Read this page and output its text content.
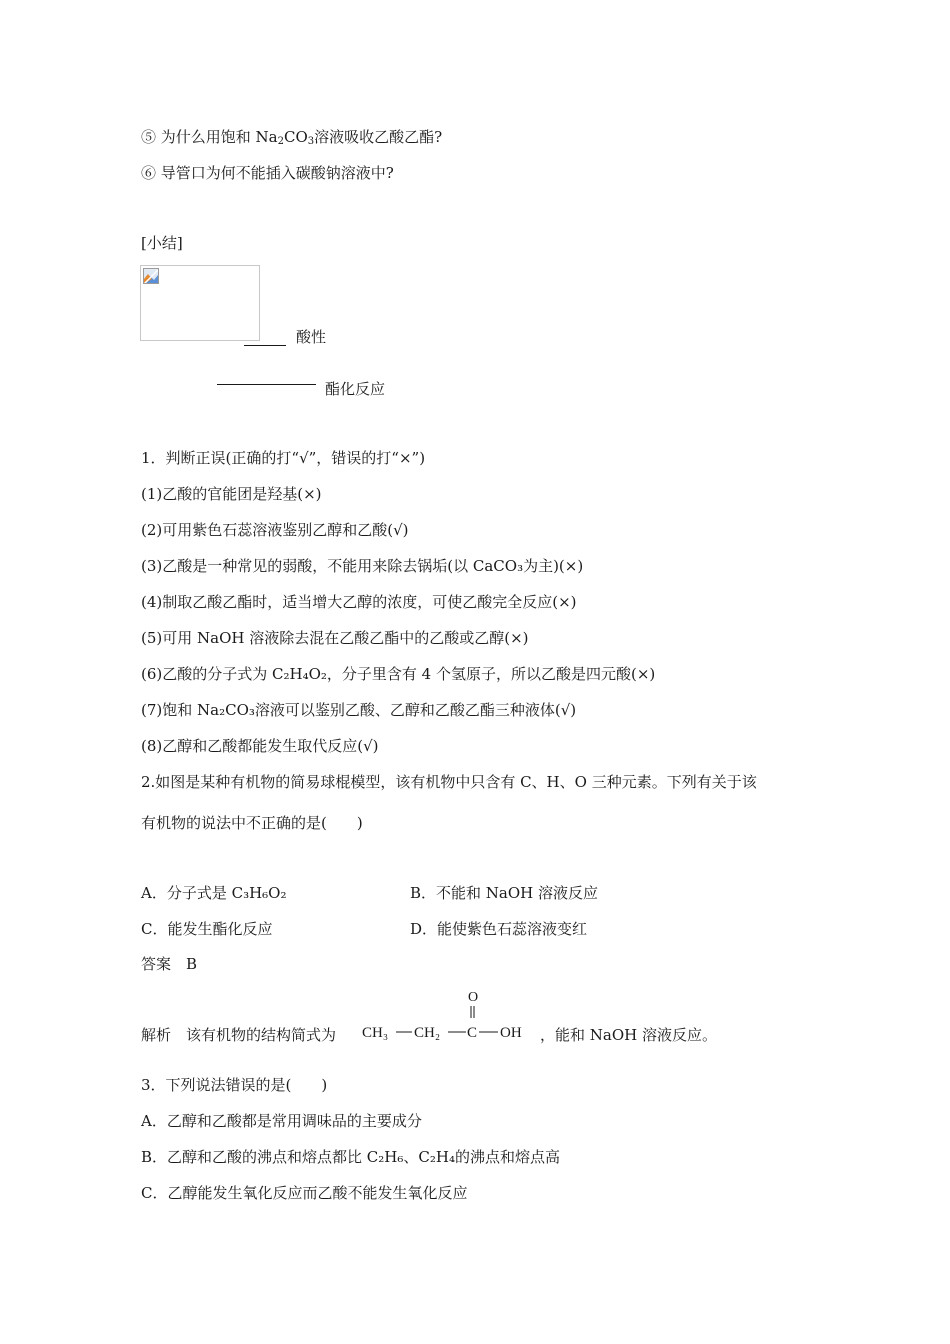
⑤ 为什么用饱和 $Na_2CO_3$溶液吸收乙酸乙酯?
⑥ 导管口为何不能插入碳酸钠溶液中?
[小结]
酸性
酯化反应
1．判断正误(正确的打“√”，错误的打“×”)
(1)乙酸的官能团是羟基(×)
(2)可用紫色石蕊溶液鉴别乙醇和乙酸(√)
(3)乙酸是一种常见的弱酸，不能用来除去锅垢(以 CaCO₃为主)(×)
(4)制取乙酸乙酯时，适当增大乙醇的浓度，可使乙酸完全反应(×)
(5)可用 NaOH 溶液除去混在乙酸乙酯中的乙酸或乙醇(×)
(6)乙酸的分子式为 C₂H₄O₂，分子里含有 4 个氢原子，所以乙酸是四元酸(×)
(7)饱和 Na₂CO₃溶液可以鉴别乙酸、乙醇和乙酸乙酯三种液体(√)
(8)乙醇和乙酸都能发生取代反应(√)
2.如图是某种有机物的简易球棍模型，该有机物中只含有 C、H、O 三种元素。下列有关于该
有机物的说法中不正确的是(　　)
A．分子式是 C₃H₆O₂	B．不能和 NaOH 溶液反应
C．能发生酯化反应	D．能使紫色石蕊溶液变红
答案　B
解析　该有机物的结构简式为
O
CH₃ CH₂ C OH ，能和 NaOH 溶液反应。
3．下列说法错误的是(　　)
A．乙醇和乙酸都是常用调味品的主要成分
B．乙醇和乙酸的沸点和熔点都比 C₂H₆、C₂H₄的沸点和熔点高
C．乙醇能发生氧化反应而乙酸不能发生氧化反应
